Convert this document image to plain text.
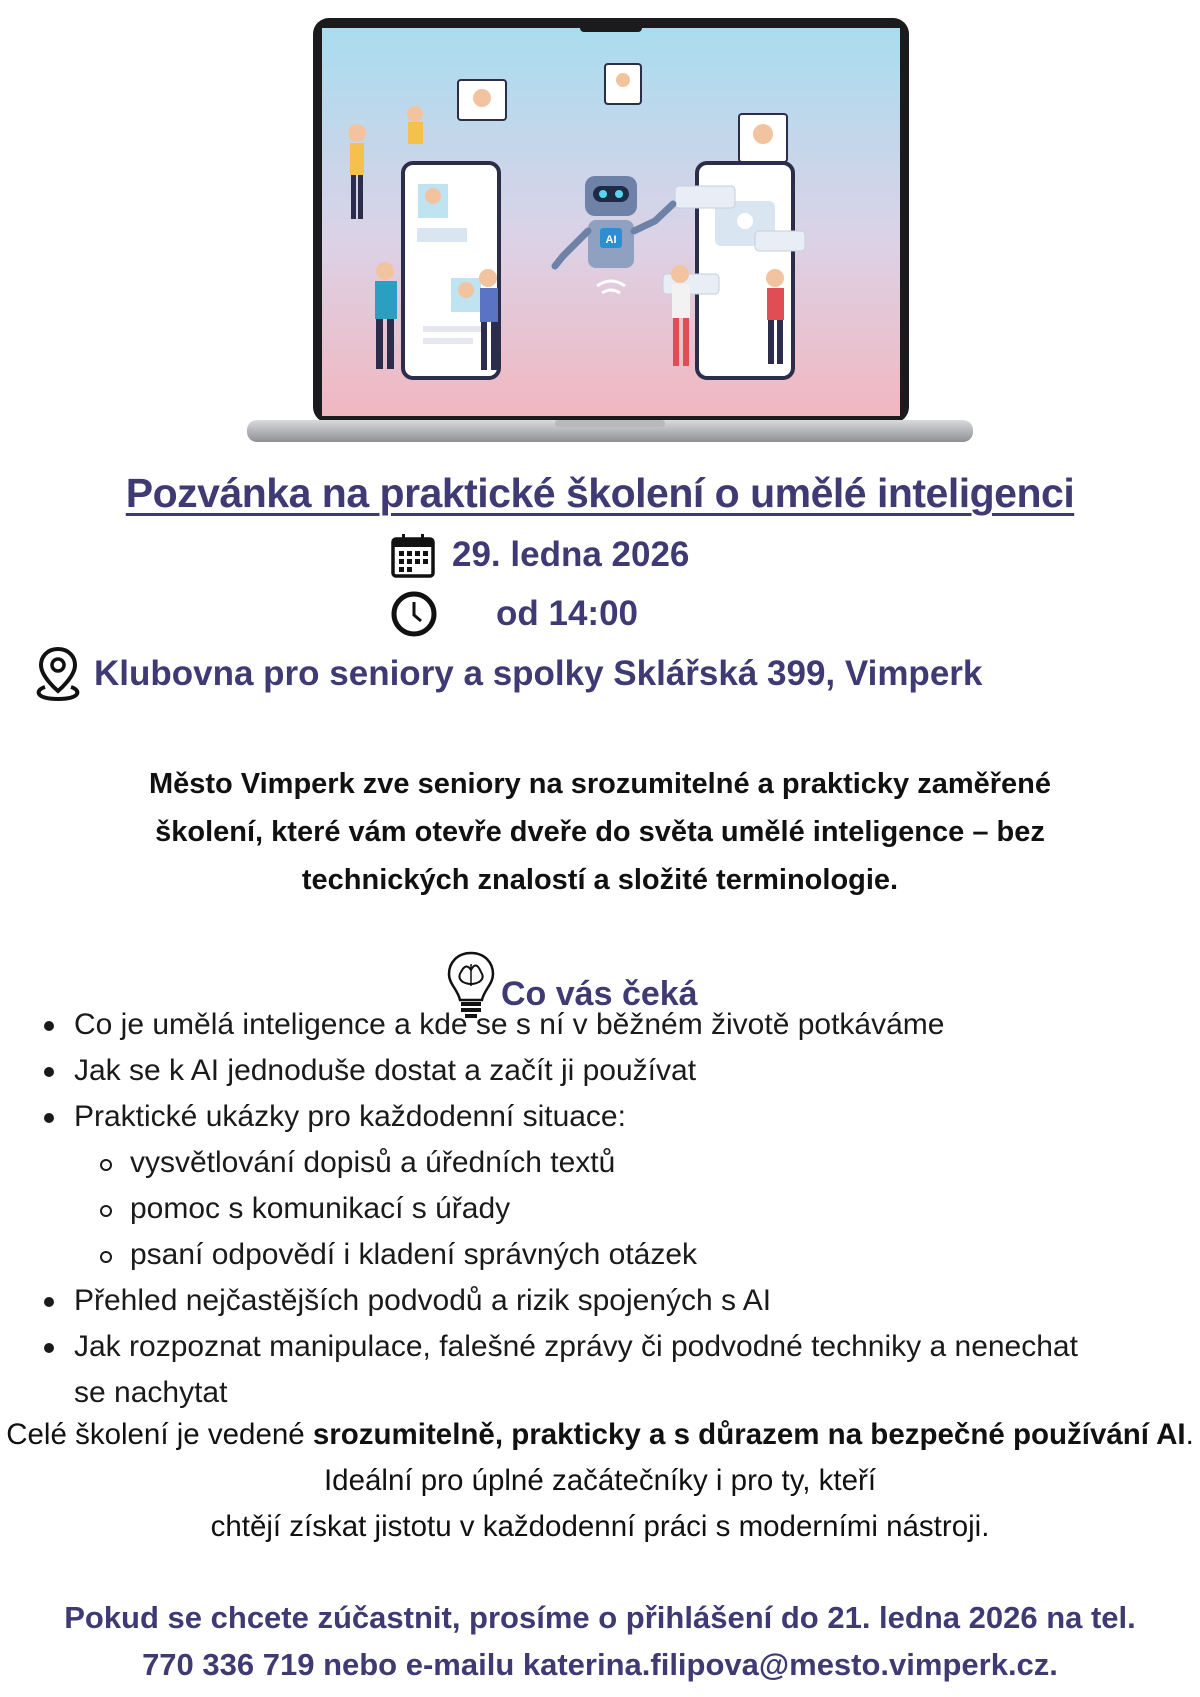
AI
Pozvánka na praktické školení o umělé inteligenci
29. ledna 2026
od 14:00
Klubovna pro seniory a spolky Sklářská 399, Vimperk
Město Vimperk zve seniory na srozumitelné a prakticky zaměřené
školení, které vám otevře dveře do světa umělé inteligence – bez
technických znalostí a složité terminologie.
Co vás čeká
Co je umělá inteligence a kde se s ní v běžném životě potkáváme
Jak se k AI jednoduše dostat a začít ji používat
Praktické ukázky pro každodenní situace:
vysvětlování dopisů a úředních textů
pomoc s komunikací s úřady
psaní odpovědí i kladení správných otázek
Přehled nejčastějších podvodů a rizik spojených s AI
Jak rozpoznat manipulace, falešné zprávy či podvodné techniky a nenechat se nachytat
Celé školení je vedené srozumitelně, prakticky a s důrazem na bezpečné používání AI. Ideální pro úplné začátečníky i pro ty, kteří
chtějí získat jistotu v každodenní práci s moderními nástroji.
Pokud se chcete zúčastnit, prosíme o přihlášení do 21. ledna 2026 na tel.
770 336 719 nebo e-mailu katerina.filipova@mesto.vimperk.cz.
